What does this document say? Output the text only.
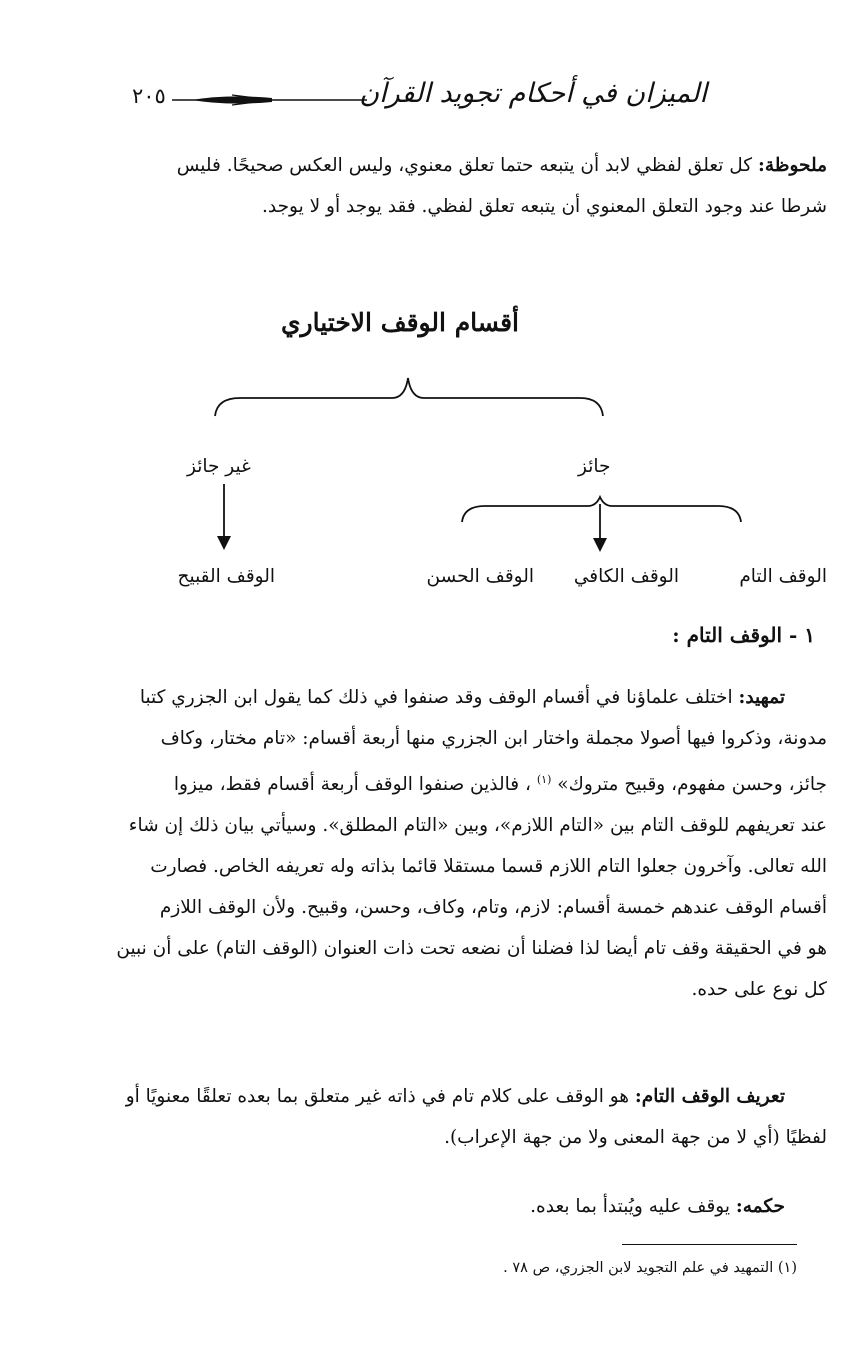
الميزان في أحكام تجويد القرآن
٢٠٥
ملحوظة: كل تعلق لفظي لابد أن يتبعه حتما تعلق معنوي، وليس العكس صحيحًا. فليس
شرطا عند وجود التعلق المعنوي أن يتبعه تعلق لفظي. فقد يوجد أو لا يوجد.
أقسام الوقف الاختياري
جائز
غير جائز
الوقف التام
الوقف الكافي
الوقف الحسن
الوقف القبيح
١ - الوقف التام :
تمهيد: اختلف علماؤنا في أقسام الوقف وقد صنفوا في ذلك كما يقول ابن الجزري كتبا
مدونة، وذكروا فيها أصولا مجملة واختار ابن الجزري منها أربعة أقسام: «تام مختار، وكاف
جائز، وحسن مفهوم، وقبيح متروك» $^{(١)}$ ، فالذين صنفوا الوقف أربعة أقسام فقط، ميزوا
عند تعريفهم للوقف التام بين «التام اللازم»، وبين «التام المطلق». وسيأتي بيان ذلك إن شاء
الله تعالى. وآخرون جعلوا التام اللازم قسما مستقلا قائما بذاته وله تعريفه الخاص. فصارت
أقسام الوقف عندهم خمسة أقسام: لازم، وتام، وكاف، وحسن، وقبيح. ولأن الوقف اللازم
هو في الحقيقة وقف تام أيضا لذا فضلنا أن نضعه تحت ذات العنوان (الوقف التام) على أن نبين
كل نوع على حده.
تعريف الوقف التام: هو الوقف على كلام تام في ذاته غير متعلق بما بعده تعلقًا معنويًا أو
لفظيًا (أي لا من جهة المعنى ولا من جهة الإعراب).
حكمه: يوقف عليه ويُبتدأ بما بعده.
(١) التمهيد في علم التجويد لابن الجزري، ص ٧٨ .
